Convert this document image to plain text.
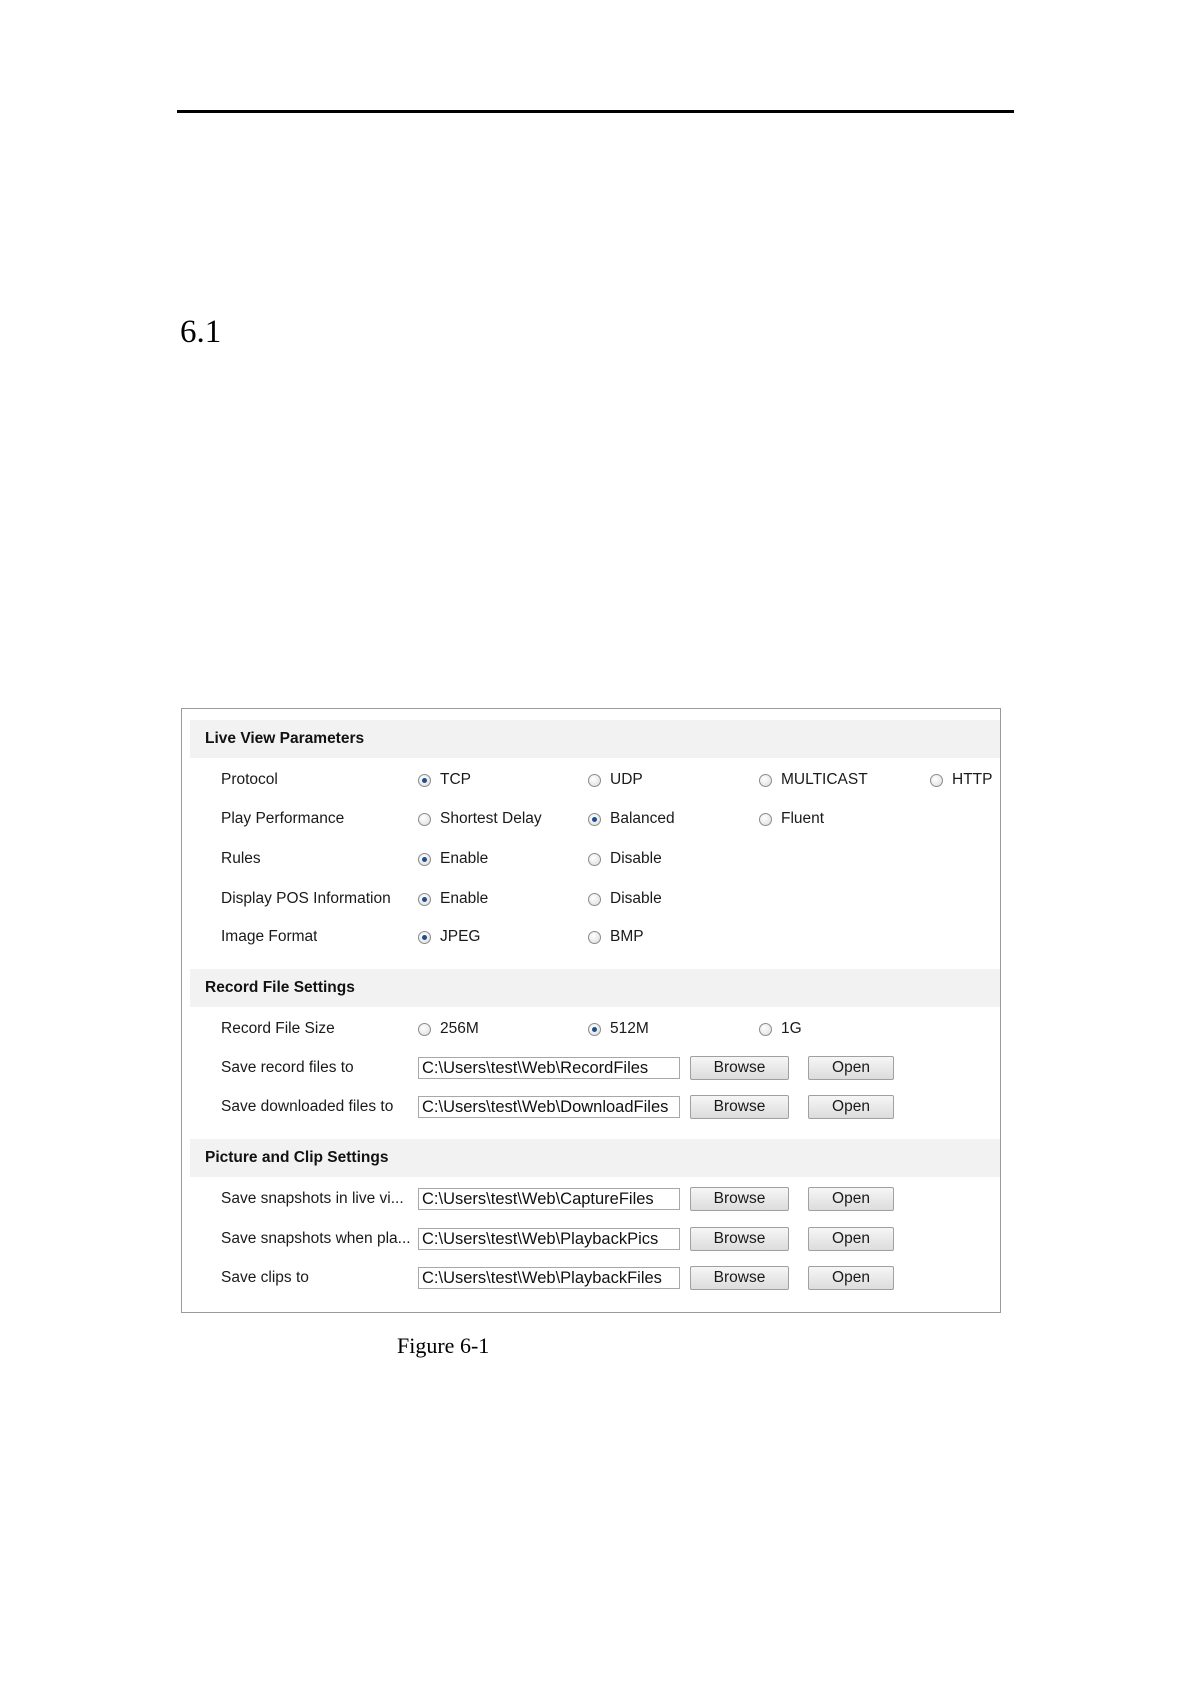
6.1
Live View Parameters
Protocol	TCP	UDP	MULTICAST	HTTP
Play Performance	Shortest Delay	Balanced	Fluent
Rules	Enable	Disable
Display POS Information	Enable	Disable
Image Format	JPEG	BMP
Record File Settings
Record File Size	256M	512M	1G
Save record files to	C:\Users\test\Web\RecordFiles	Browse	Open
Save downloaded files to C:\Users\test\Web\DownloadFiles	Browse	Open
Picture and Clip Settings
Save snapshots in live vi...	C:\Users\test\Web\CaptureFiles	Browse	Open
Save snapshots when pla... C:\Users\test\Web\PlaybackPics	Browse	Open
Save clips to	C:\Users\test\Web\PlaybackFiles	Browse	Open
Figure 6-1
